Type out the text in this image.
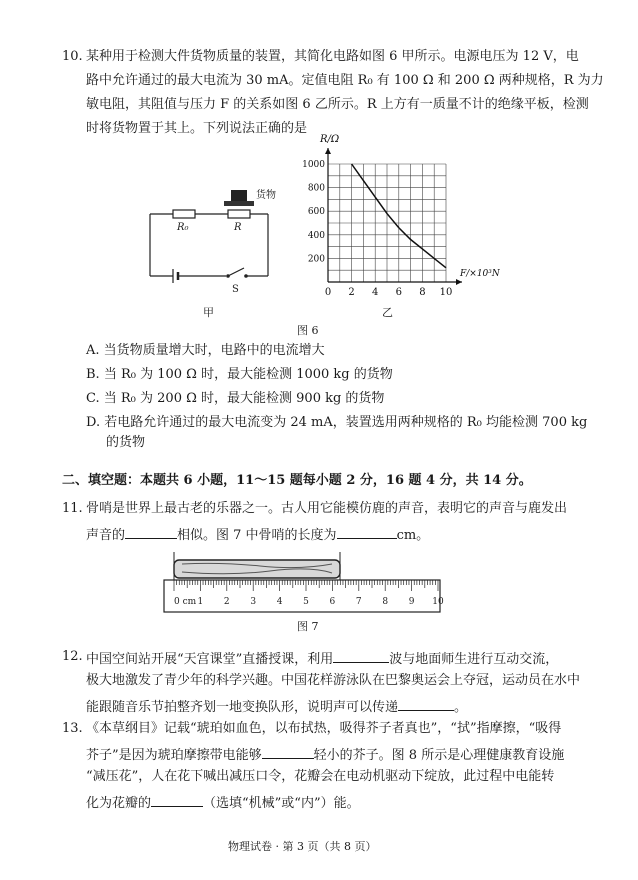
10. 某种用于检测大件货物质量的装置，其简化电路如图 6 甲所示。电源电压为 12 V，电
路中允许通过的最大电流为 30 mA。定值电阻 R₀ 有 100 Ω 和 200 Ω 两种规格，R 为力
敏电阻，其阻值与压力 F 的关系如图 6 乙所示。R 上方有一质量不计的绝缘平板，检测
时将货物置于其上。下列说法正确的是
货物
R₀	R
S
甲
0 2 4 6 8 10
200
400
600
800
1000
R/Ω
F/×10³N
乙
图 6
A. 当货物质量增大时，电路中的电流增大
B. 当 R₀ 为 100 Ω 时，最大能检测 1000 kg 的货物
C. 当 R₀ 为 200 Ω 时，最大能检测 900 kg 的货物
D. 若电路允许通过的最大电流变为 24 mA，装置选用两种规格的 R₀ 均能检测 700 kg
的货物
二、填空题：本题共 6 小题，11～15 题每小题 2 分，16 题 4 分，共 14 分。
11. 骨哨是世界上最古老的乐器之一。古人用它能模仿鹿的声音，表明它的声音与鹿发出
声音的	相似。图 7 中骨哨的长度为	cm。
0 cm 1 2 3 4 5 6 7 8 9 10
图 7
12. 中国空间站开展“天宫课堂”直播授课，利用	波与地面师生进行互动交流，
极大地激发了青少年的科学兴趣。中国花样游泳队在巴黎奥运会上夺冠，运动员在水中
能跟随音乐节拍整齐划一地变换队形，说明声可以传递	。
13. 《本草纲目》记载“琥珀如血色，以布拭热，吸得芥子者真也”，“拭”指摩擦，“吸得
芥子”是因为琥珀摩擦带电能够	轻小的芥子。图 8 所示是心理健康教育设施
“减压花”，人在花下喊出减压口令，花瓣会在电动机驱动下绽放，此过程中电能转
化为花瓣的	（选填“机械”或“内”）能。
物理试卷 · 第 3 页（共 8 页）
